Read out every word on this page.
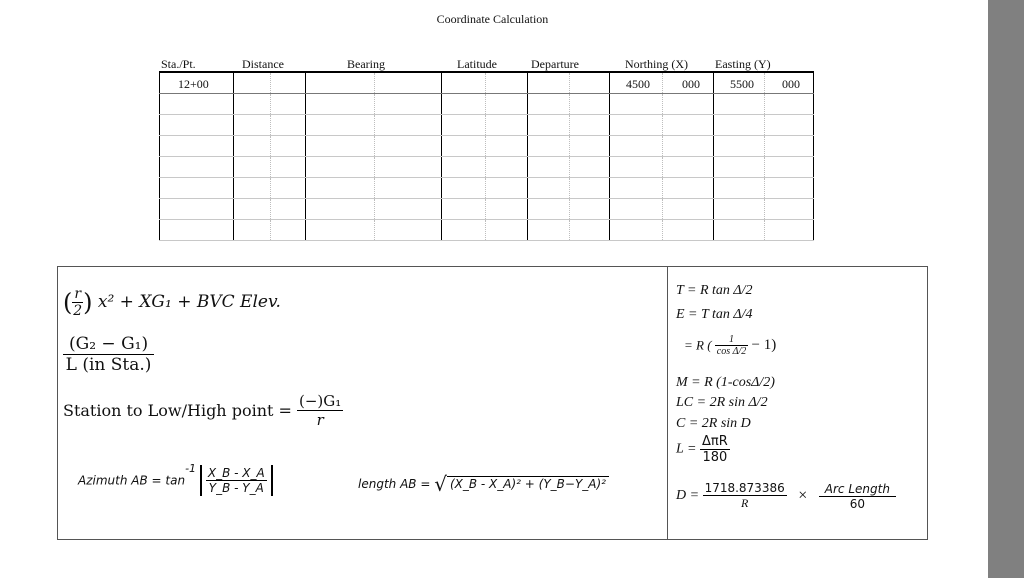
Coordinate Calculation
Sta./Pt.	Distance	Bearing	Latitude	Departure	Northing (X) Easting (Y)
12+00					4500 000	5500 000

( $\frac{r}{2}$ ) x² + XG₁ + BVC Elev.
$\frac{\text{(G₂ − G₁)}}{\text{L (in Sta.)}}$
Station to Low/High point = $\frac{\text{(−)G₁}}{r}$
Azimuth AB = $\tan^{-1} \frac{X\_B - X\_A}{Y\_B - Y\_A}$	length AB = √ (X_B - X_A)² + (Y_B−Y_A)²
T = R tan Δ/2
E = T tan Δ/4
= R ( $\frac{1}{\text{cos Δ/2}} - 1$)
M = R (1-cosΔ/2)
LC = 2R sin Δ/2
C = 2R sin D
$L = \frac{\text{ΔπR}}{180}$
$D = \frac{1718.873386}{R} \times \frac{\text{Arc Length}}{60}$
